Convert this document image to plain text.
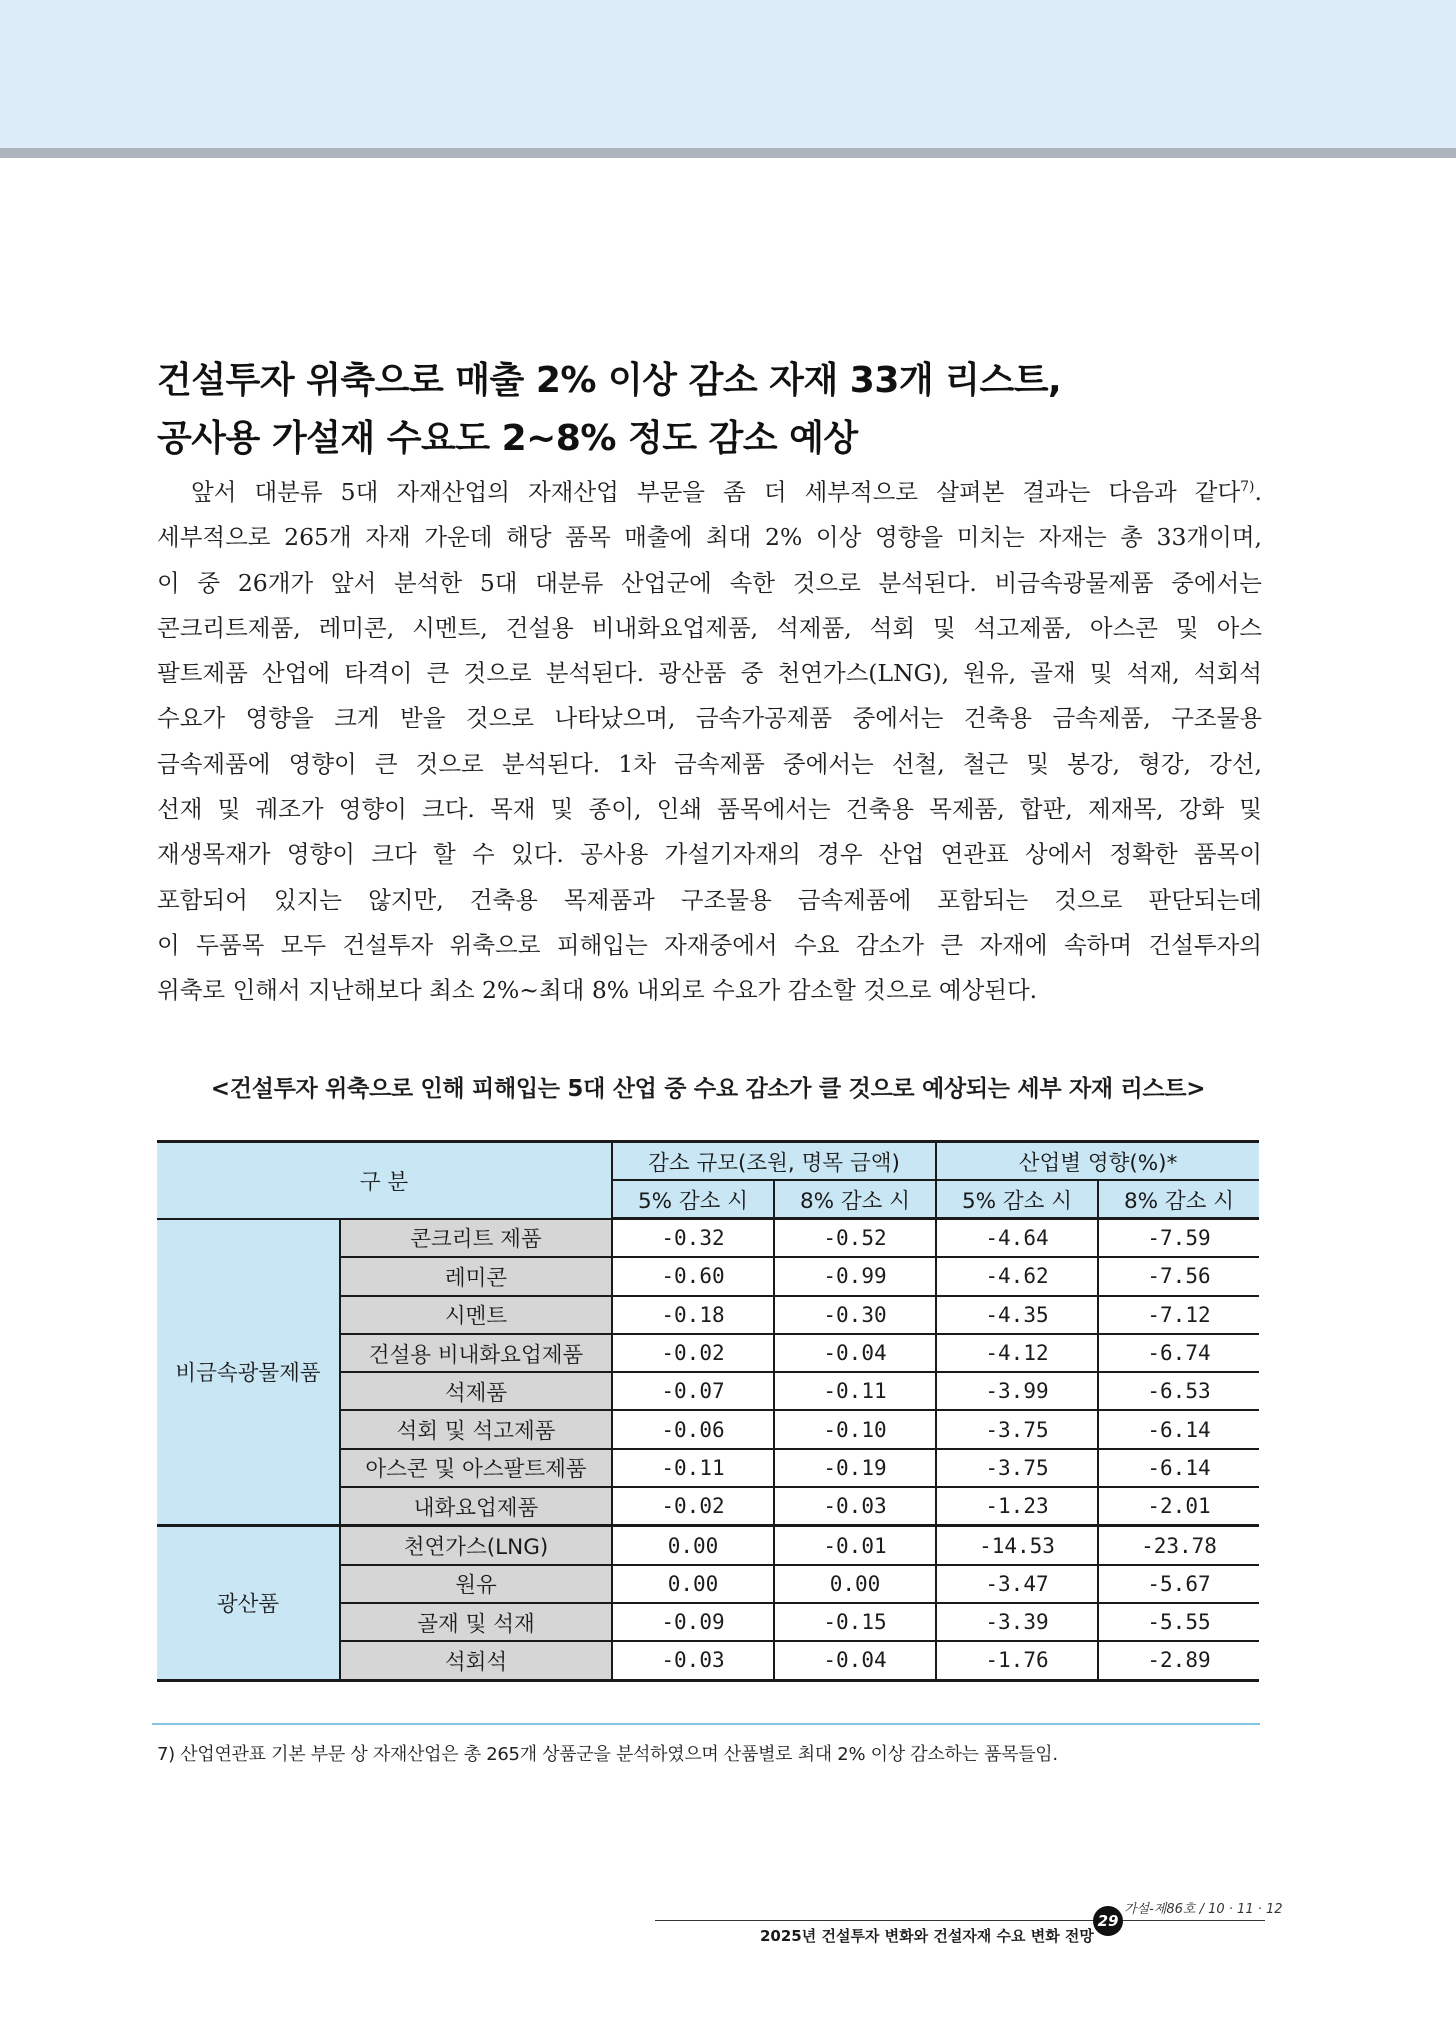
건설투자 위축으로 매출 2% 이상 감소 자재 33개 리스트,
공사용 가설재 수요도 2~8% 정도 감소 예상
앞서 대분류 5대 자재산업의 자재산업 부문을 좀 더 세부적으로 살펴본 결과는 다음과 같다$^{7)}$.
세부적으로 265개 자재 가운데 해당 품목 매출에 최대 2% 이상 영향을 미치는 자재는 총 33개이며,
이 중 26개가 앞서 분석한 5대 대분류 산업군에 속한 것으로 분석된다. 비금속광물제품 중에서는
콘크리트제품, 레미콘, 시멘트, 건설용 비내화요업제품, 석제품, 석회 및 석고제품, 아스콘 및 아스
팔트제품 산업에 타격이 큰 것으로 분석된다. 광산품 중 천연가스(LNG), 원유, 골재 및 석재, 석회석
수요가 영향을 크게 받을 것으로 나타났으며, 금속가공제품 중에서는 건축용 금속제품, 구조물용
금속제품에 영향이 큰 것으로 분석된다. 1차 금속제품 중에서는 선철, 철근 및 봉강, 형강, 강선,
선재 및 궤조가 영향이 크다. 목재 및 종이, 인쇄 품목에서는 건축용 목제품, 합판, 제재목, 강화 및
재생목재가 영향이 크다 할 수 있다. 공사용 가설기자재의 경우 산업 연관표 상에서 정확한 품목이
포함되어 있지는 않지만, 건축용 목제품과 구조물용 금속제품에 포함되는 것으로 판단되는데
이 두품목 모두 건설투자 위축으로 피해입는 자재중에서 수요 감소가 큰 자재에 속하며 건설투자의
위축로 인해서 지난해보다 최소 2%~최대 8% 내외로 수요가 감소할 것으로 예상된다.

<건설투자 위축으로 인해 피해입는 5대 산업 중 수요 감소가 클 것으로 예상되는 세부 자재 리스트>

구 분		감소 규모(조원, 명목 금액)		산업별 영향(%)*	
		5% 감소 시	8% 감소 시	5% 감소 시	8% 감소 시
비금속광물제품	콘크리트 제품	-0.32	-0.52	-4.64	-7.59
	레미콘	-0.60	-0.99	-4.62	-7.56
	시멘트	-0.18	-0.30	-4.35	-7.12
	건설용 비내화요업제품	-0.02	-0.04	-4.12	-6.74
	석제품	-0.07	-0.11	-3.99	-6.53
	석회 및 석고제품	-0.06	-0.10	-3.75	-6.14
	아스콘 및 아스팔트제품	-0.11	-0.19	-3.75	-6.14
	내화요업제품	-0.02	-0.03	-1.23	-2.01
광산품	천연가스(LNG)	0.00	-0.01	-14.53	-23.78
	원유	0.00	0.00	-3.47	-5.67
	골재 및 석재	-0.09	-0.15	-3.39	-5.55
	석회석	-0.03	-0.04	-1.76	-2.89

7) 산업연관표 기본 부문 상 자재산업은 총 265개 상품군을 분석하였으며 산품별로 최대 2% 이상 감소하는 품목들임.

가설-제86호 / 10 · 11 · 12
29
2025년 건설투자 변화와 건설자재 수요 변화 전망
